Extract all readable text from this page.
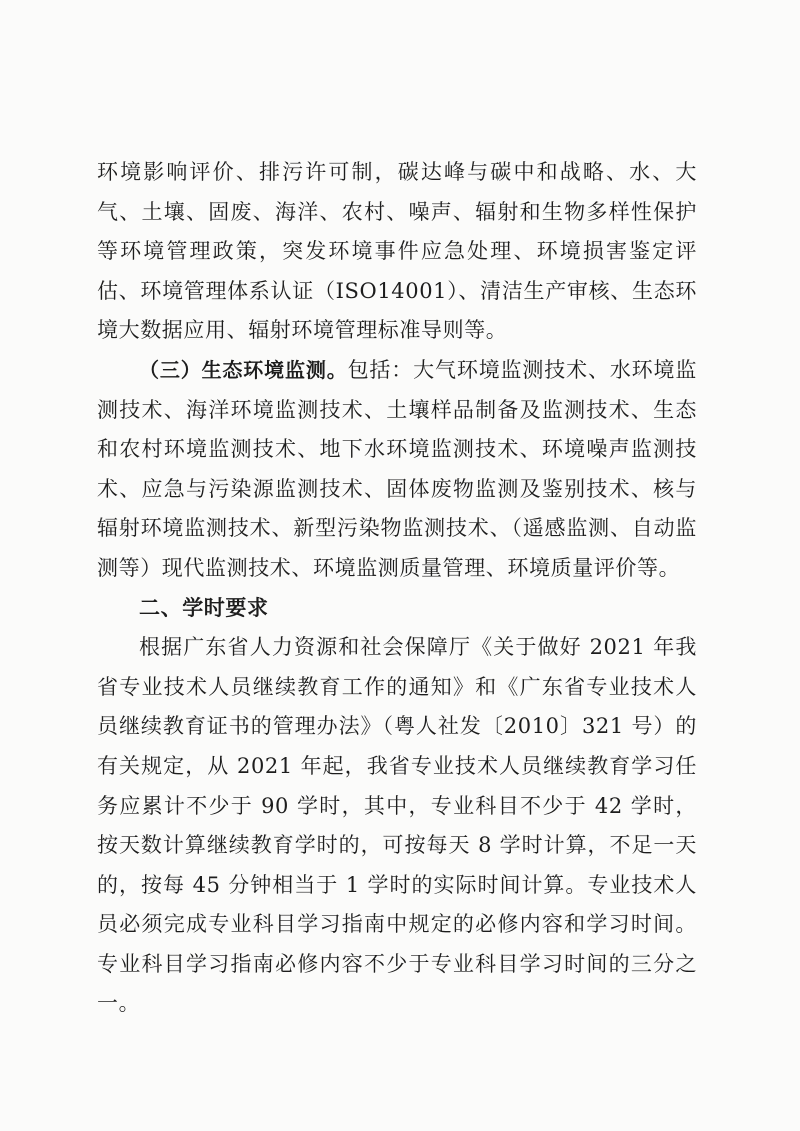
环境影响评价、排污许可制，碳达峰与碳中和战略、水、大气、土壤、固废、海洋、农村、噪声、辐射和生物多样性保护等环境管理政策，突发环境事件应急处理、环境损害鉴定评估、环境管理体系认证（ISO14001）、清洁生产审核、生态环境大数据应用、辐射环境管理标准导则等。

（三）生态环境监测。包括：大气环境监测技术、水环境监测技术、海洋环境监测技术、土壤样品制备及监测技术、生态和农村环境监测技术、地下水环境监测技术、环境噪声监测技术、应急与污染源监测技术、固体废物监测及鉴别技术、核与辐射环境监测技术、新型污染物监测技术、（遥感监测、自动监测等）现代监测技术、环境监测质量管理、环境质量评价等。

二、学时要求

根据广东省人力资源和社会保障厅《关于做好 2021 年我省专业技术人员继续教育工作的通知》和《广东省专业技术人员继续教育证书的管理办法》（粤人社发〔2010〕321 号）的有关规定，从 2021 年起，我省专业技术人员继续教育学习任务应累计不少于 90 学时，其中，专业科目不少于 42 学时，按天数计算继续教育学时的，可按每天 8 学时计算，不足一天的，按每 45 分钟相当于 1 学时的实际时间计算。专业技术人员必须完成专业科目学习指南中规定的必修内容和学习时间。专业科目学习指南必修内容不少于专业科目学习时间的三分之一。
